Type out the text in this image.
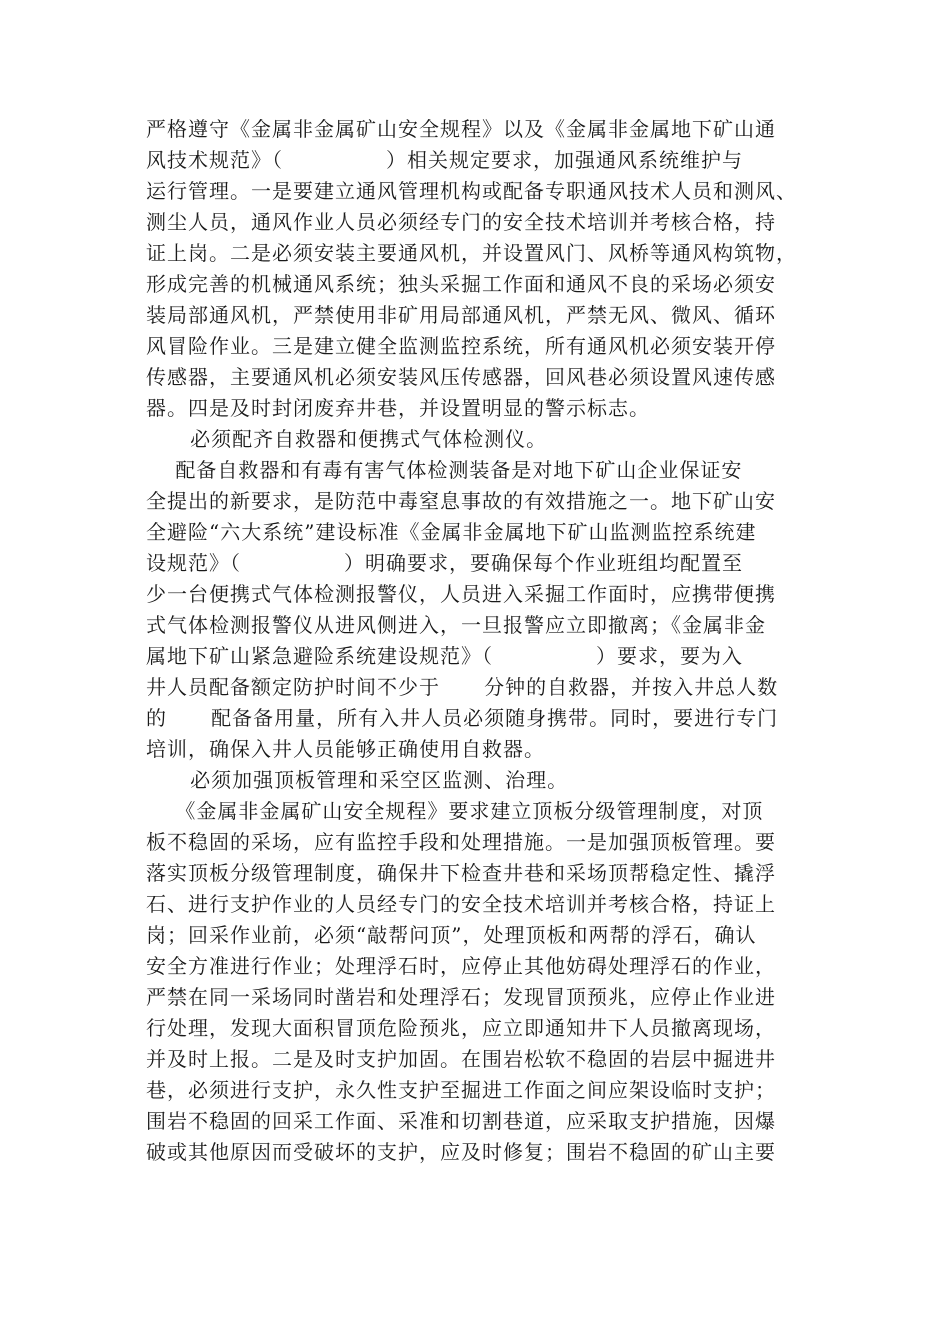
严格遵守《金属非金属矿山安全规程》以及《金属非金属地下矿山通
风技术规范》（              ）相关规定要求，加强通风系统维护与
运行管理。一是要建立通风管理机构或配备专职通风技术人员和测风、
测尘人员，通风作业人员必须经专门的安全技术培训并考核合格，持
证上岗。二是必须安装主要通风机，并设置风门、风桥等通风构筑物，
形成完善的机械通风系统；独头采掘工作面和通风不良的采场必须安
装局部通风机，严禁使用非矿用局部通风机，严禁无风、微风、循环
风冒险作业。三是建立健全监测监控系统，所有通风机必须安装开停
传感器，主要通风机必须安装风压传感器，回风巷必须设置风速传感
器。四是及时封闭废弃井巷，并设置明显的警示标志。
必须配齐自救器和便携式气体检测仪。
配备自救器和有毒有害气体检测装备是对地下矿山企业保证安
全提出的新要求，是防范中毒窒息事故的有效措施之一。地下矿山安
全避险“六大系统”建设标准《金属非金属地下矿山监测监控系统建
设规范》（              ）明确要求，要确保每个作业班组均配置至
少一台便携式气体检测报警仪，人员进入采掘工作面时，应携带便携
式气体检测报警仪从进风侧进入，一旦报警应立即撤离；《金属非金
属地下矿山紧急避险系统建设规范》（              ）要求，要为入
井人员配备额定防护时间不少于      分钟的自救器，并按入井总人数
的      配备备用量，所有入井人员必须随身携带。同时，要进行专门
培训，确保入井人员能够正确使用自救器。
必须加强顶板管理和采空区监测、治理。
《金属非金属矿山安全规程》要求建立顶板分级管理制度，对顶
板不稳固的采场，应有监控手段和处理措施。一是加强顶板管理。要
落实顶板分级管理制度，确保井下检查井巷和采场顶帮稳定性、撬浮
石、进行支护作业的人员经专门的安全技术培训并考核合格，持证上
岗；回采作业前，必须“敲帮问顶”，处理顶板和两帮的浮石，确认
安全方准进行作业；处理浮石时，应停止其他妨碍处理浮石的作业，
严禁在同一采场同时凿岩和处理浮石；发现冒顶预兆，应停止作业进
行处理，发现大面积冒顶危险预兆，应立即通知井下人员撤离现场，
并及时上报。二是及时支护加固。在围岩松软不稳固的岩层中掘进井
巷，必须进行支护，永久性支护至掘进工作面之间应架设临时支护；
围岩不稳固的回采工作面、采准和切割巷道，应采取支护措施，因爆
破或其他原因而受破坏的支护，应及时修复；围岩不稳固的矿山主要
